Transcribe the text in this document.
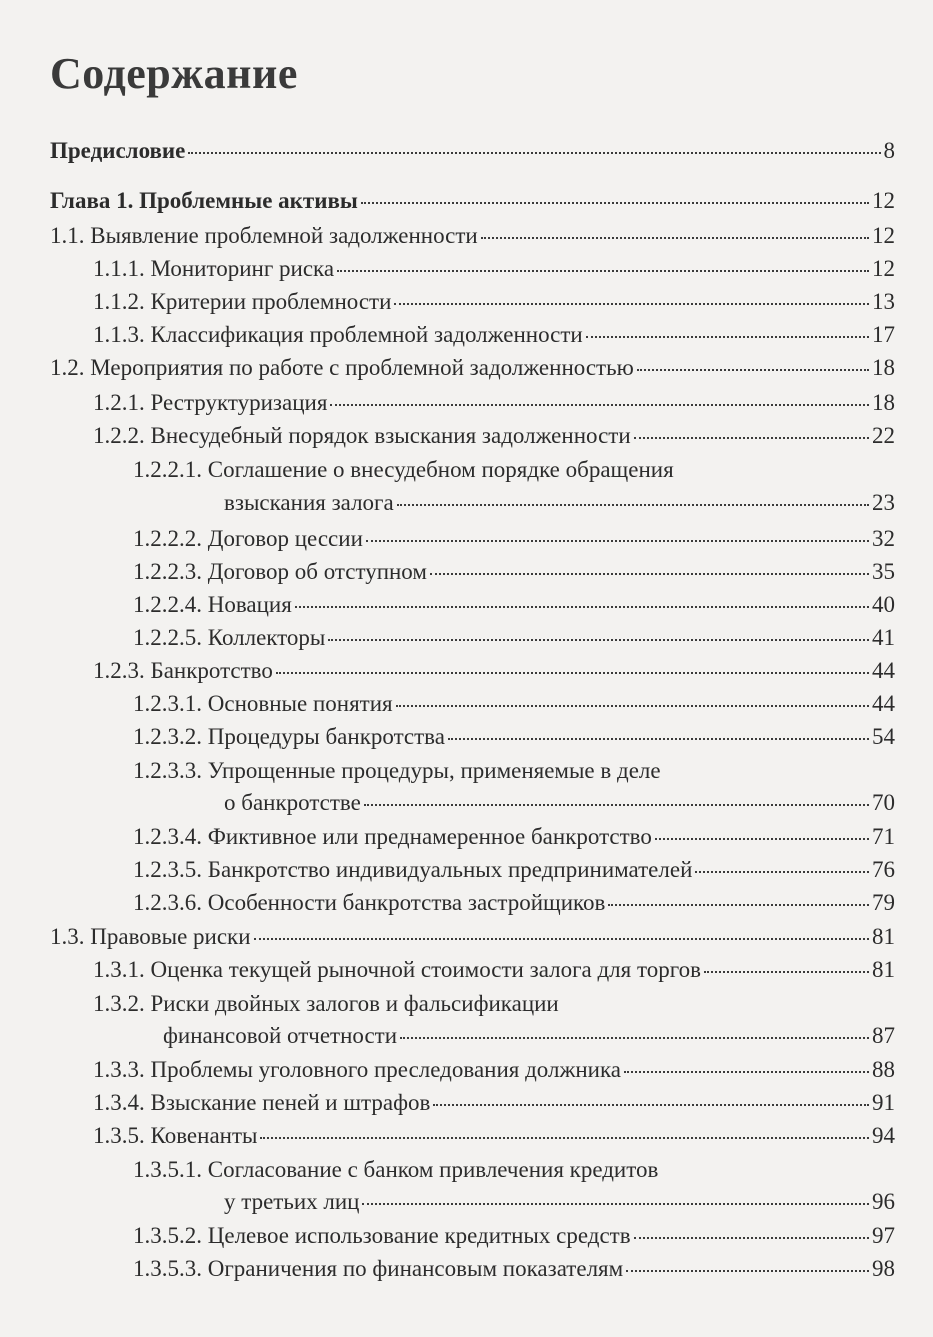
Содержание
Предисловие	8
Глава 1. Проблемные активы	12
1.1. Выявление проблемной задолженности	12
1.1.1. Мониторинг риска	12
1.1.2. Критерии проблемности	13
1.1.3. Классификация проблемной задолженности	17
1.2. Мероприятия по работе с проблемной задолженностью	18
1.2.1. Реструктуризация	18
1.2.2. Внесудебный порядок взыскания задолженности	22
1.2.2.1. Соглашение о внесудебном порядке обращения
взыскания залога	23
1.2.2.2. Договор цессии	32
1.2.2.3. Договор об отступном	35
1.2.2.4. Новация	40
1.2.2.5. Коллекторы	41
1.2.3. Банкротство	44
1.2.3.1. Основные понятия	44
1.2.3.2. Процедуры банкротства	54
1.2.3.3. Упрощенные процедуры, применяемые в деле
о банкротстве	70
1.2.3.4. Фиктивное или преднамеренное банкротство	71
1.2.3.5. Банкротство индивидуальных предпринимателей	76
1.2.3.6. Особенности банкротства застройщиков	79
1.3. Правовые риски	81
1.3.1. Оценка текущей рыночной стоимости залога для торгов	81
1.3.2. Риски двойных залогов и фальсификации
финансовой отчетности	87
1.3.3. Проблемы уголовного преследования должника	88
1.3.4. Взыскание пеней и штрафов	91
1.3.5. Ковенанты	94
1.3.5.1. Согласование с банком привлечения кредитов
у третьих лиц	96
1.3.5.2. Целевое использование кредитных средств	97
1.3.5.3. Ограничения по финансовым показателям	98
